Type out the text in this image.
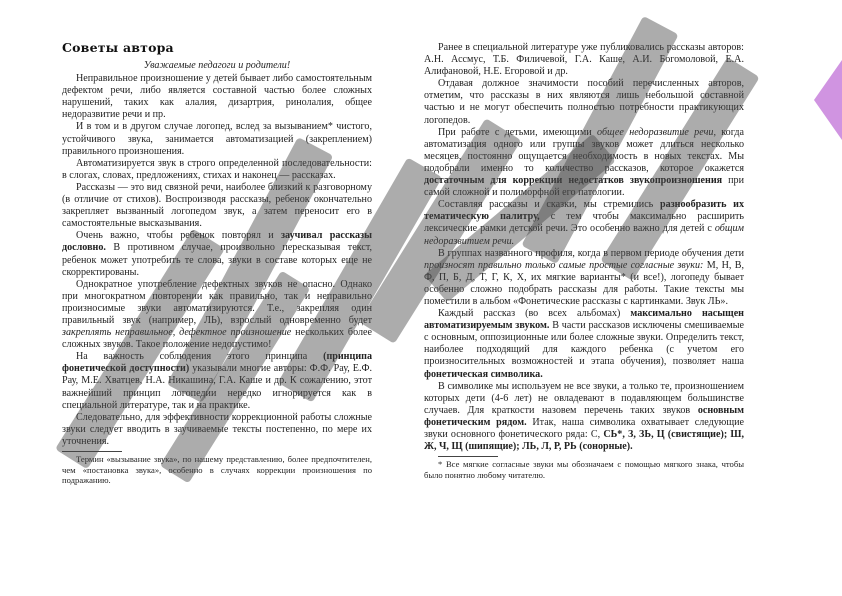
Советы автора

Уважаемые педагоги и родители!

Неправильное произношение у детей бывает либо самостоятельным дефектом речи, либо является составной частью более сложных нарушений, таких как алалия, дизартрия, ринолалия, общее недоразвитие речи и пр.

И в том и в другом случае логопед, вслед за вызыванием* чистого, устойчивого звука, занимается автоматизацией (закреплением) правильного произношения.

Автоматизируется звук в строго определенной последовательности: в слогах, словах, предложениях, стихах и наконец — рассказах.

Рассказы — это вид связной речи, наиболее близкий к разговорному (в отличие от стихов). Воспроизводя рассказы, ребенок окончательно закрепляет вызванный логопедом звук, а затем переносит его в самостоятельные высказывания.

Очень важно, чтобы ребенок повторял и заучивал рассказы дословно. В противном случае, произвольно пересказывая текст, ребенок может употребить те слова, звуки в составе которых еще не скорректированы.

Однократное употребление дефектных звуков не опасно. Однако при многократном повторении как правильно, так и неправильно произносимые звуки автоматизируются. Т.е., закрепляя один правильный звук (например, ЛЬ), взрослый одновременно будет закреплять неправильное, дефектное произношение нескольких более сложных звуков. Такое положение недопустимо!

На важность соблюдения этого принципа (принципа фонетической доступности) указывали многие авторы: Ф.Ф. Рау, Е.Ф. Рау, М.Е. Хватцев, Н.А. Никашина, Г.А. Каше и др. К сожалению, этот важнейший принцип логопедии нередко игнорируется как в специальной литературе, так и на практике.

Следовательно, для эффективности коррекционной работы сложные звуки следует вводить в заучиваемые тексты постепенно, по мере их уточнения.

Термин «вызывание звука», по нашему представлению, более предпочтителен, чем «постановка звука», особенно в случаях коррекции произношения по подражанию.

Ранее в специальной литературе уже публиковались рассказы авторов: А.Н. Ассмус, Т.Б. Филичевой, Г.А. Каше, А.И. Богомоловой, Е.А. Алифановой, Н.Е. Егоровой и др.

Отдавая должное значимости пособий перечисленных авторов, отметим, что рассказы в них являются лишь небольшой составной частью и не могут обеспечить полностью потребности практикующих логопедов.

При работе с детьми, имеющими общее недоразвитие речи, когда автоматизация одного или группы звуков может длиться несколько месяцев, постоянно ощущается необходимость в новых текстах. Мы подобрали именно то количество рассказов, которое окажется достаточным для коррекции недостатков звукопроизношения при самой сложной и полиморфной его патологии.

Составляя рассказы и сказки, мы стремились разнообразить их тематическую палитру, с тем чтобы максимально расширить лексические рамки детской речи. Это особенно важно для детей с общим недоразвитием речи.

В группах названного профиля, когда в первом периоде обучения дети произносят правильно только самые простые согласные звуки: М, Н, В, Ф, П, Б, Д, Т, Г, К, Х, их мягкие варианты* (и все!), логопеду бывает особенно сложно подобрать рассказы для работы. Такие тексты мы поместили в альбом «Фонетические рассказы с картинками. Звук ЛЬ».

Каждый рассказ (во всех альбомах) максимально насыщен автоматизируемым звуком. В части рассказов исключены смешиваемые с основным, оппозиционные или более сложные звуки. Определить текст, наиболее подходящий для каждого ребенка (с учетом его произносительных возможностей и этапа обучения), позволяет наша фонетическая символика.

В символике мы используем не все звуки, а только те, произношением которых дети (4-6 лет) не овладевают в подавляющем большинстве случаев. Для краткости назовем перечень таких звуков основным фонетическим рядом. Итак, наша символика охватывает следующие звуки основного фонетического ряда: С, СЬ*, З, ЗЬ, Ц (свистящие); Ш, Ж, Ч, Щ (шипящие); ЛЬ, Л, Р, РЬ (сонорные).

* Все мягкие согласные звуки мы обозначаем с помощью мягкого знака, чтобы было понятно любому читателю.
